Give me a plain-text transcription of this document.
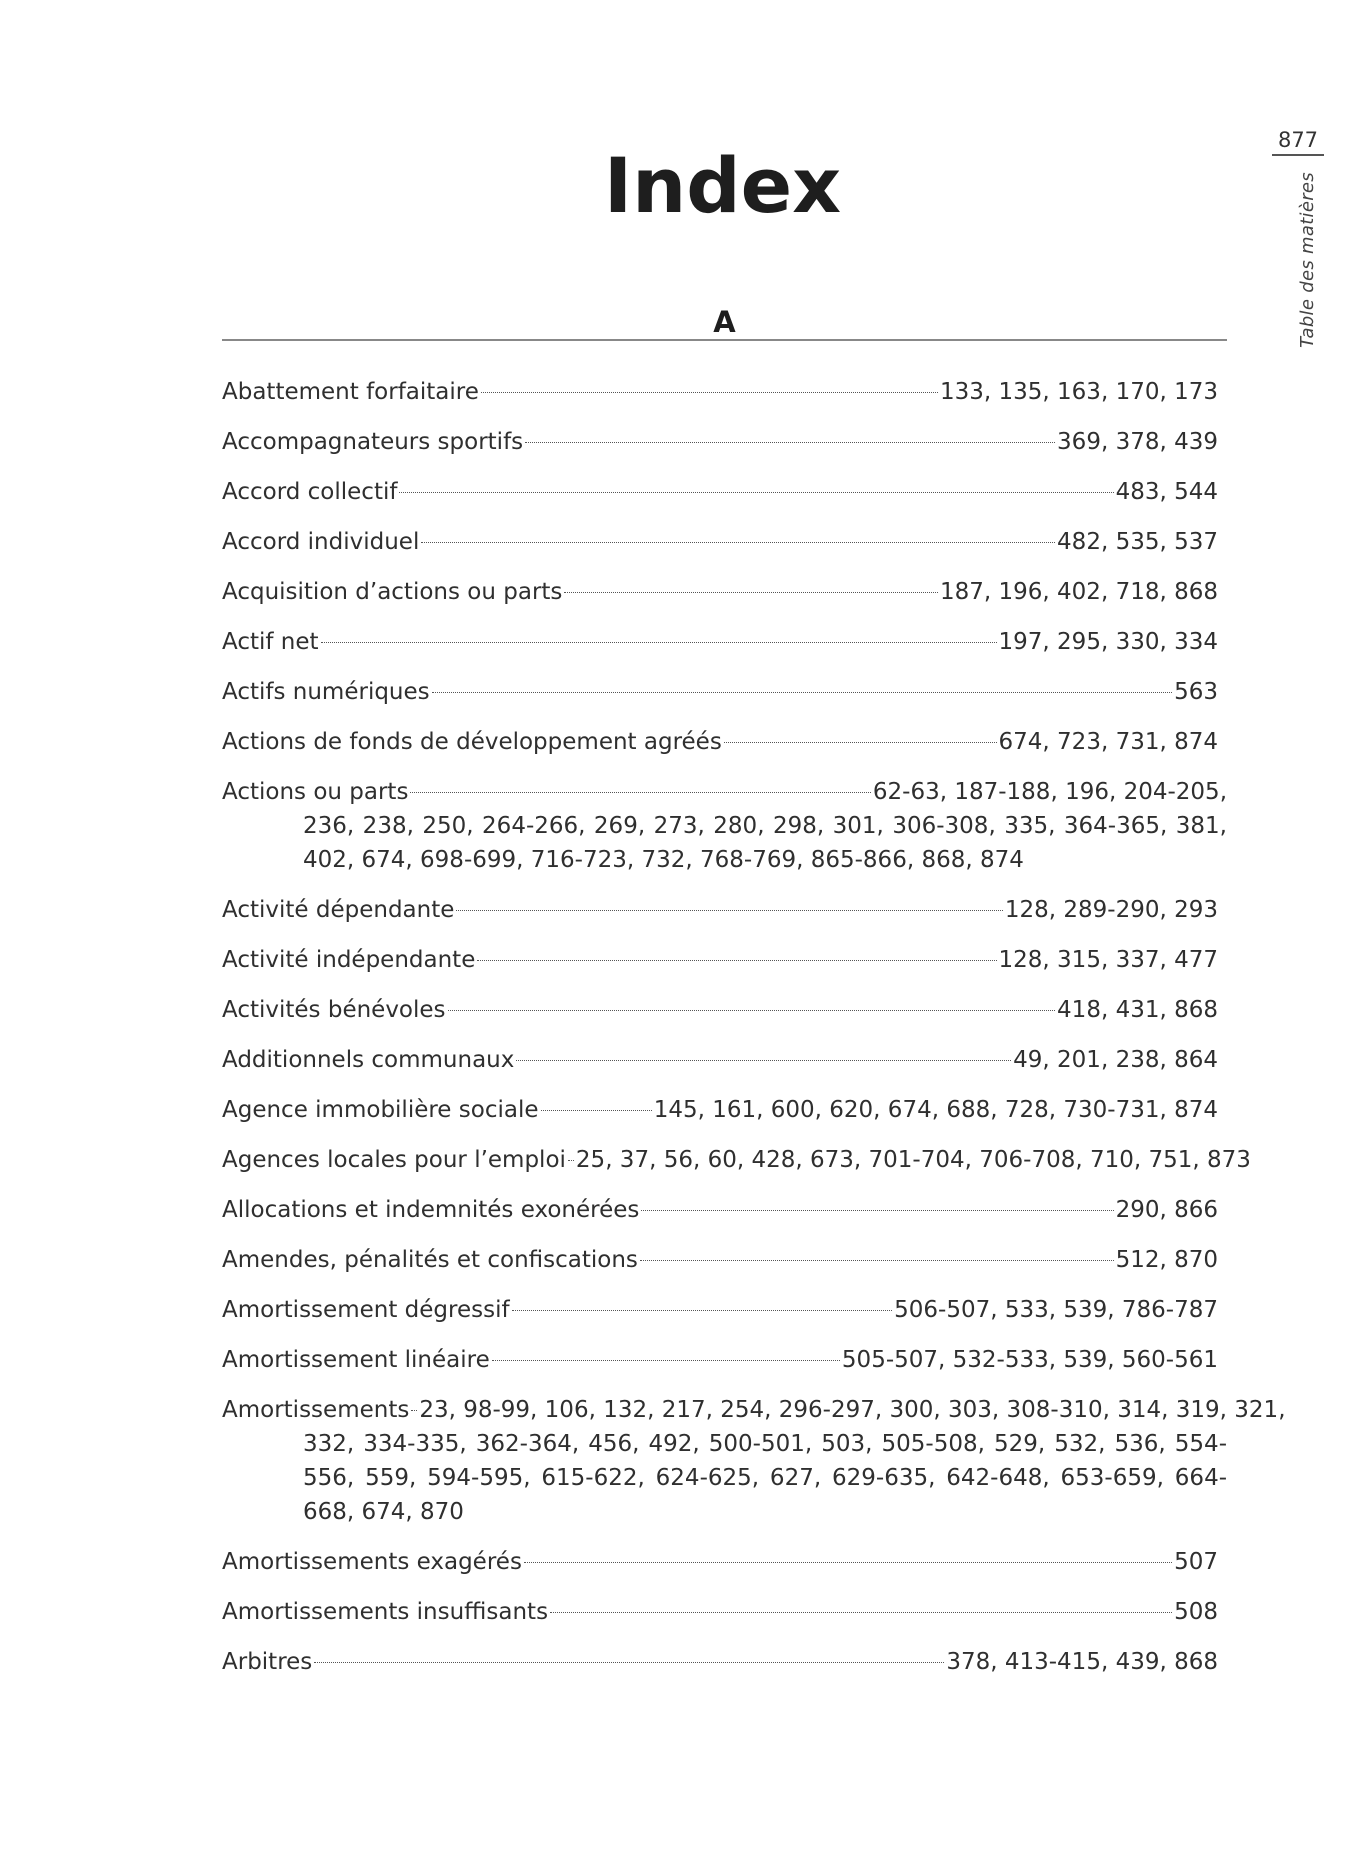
877
Table des matières
Index
A
Abattement forfaitaire	133, 135, 163, 170, 173
Accompagnateurs sportifs	369, 378, 439
Accord collectif	483, 544
Accord individuel	482, 535, 537
Acquisition d’actions ou parts	187, 196, 402, 718, 868
Actif net	197, 295, 330, 334
Actifs numériques	563
Actions de fonds de développement agréés	674, 723, 731, 874
Actions ou parts	62-63, 187-188, 196, 204-205,
236, 238, 250, 264-266, 269, 273, 280, 298, 301, 306-308, 335, 364-365, 381, 402, 674, 698-699, 716-723, 732, 768-769, 865-866, 868, 874
Activité dépendante	128, 289-290, 293
Activité indépendante	128, 315, 337, 477
Activités bénévoles	418, 431, 868
Additionnels communaux	49, 201, 238, 864
Agence immobilière sociale	145, 161, 600, 620, 674, 688, 728, 730-731, 874
Agences locales pour l’emploi 25, 37, 56, 60, 428, 673, 701-704, 706-708, 710, 751, 873
Allocations et indemnités exonérées	290, 866
Amendes, pénalités et confiscations	512, 870
Amortissement dégressif	506-507, 533, 539, 786-787
Amortissement linéaire	505-507, 532-533, 539, 560-561
Amortissements 23, 98-99, 106, 132, 217, 254, 296-297, 300, 303, 308-310, 314, 319, 321,
332, 334-335, 362-364, 456, 492, 500-501, 503, 505-508, 529, 532, 536, 554-556, 559, 594-595, 615-622, 624-625, 627, 629-635, 642-648, 653-659, 664-668, 674, 870
Amortissements exagérés	507
Amortissements insuffisants	508
Arbitres	378, 413-415, 439, 868
